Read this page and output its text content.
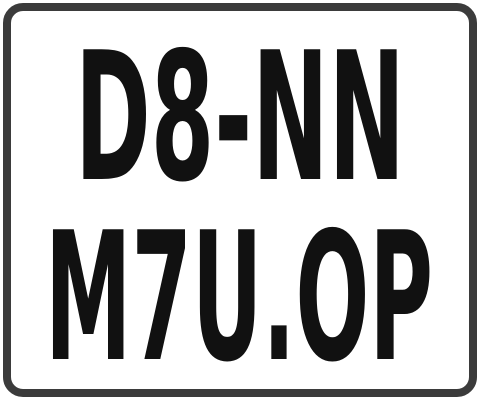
D8-NN
M7U.OP
